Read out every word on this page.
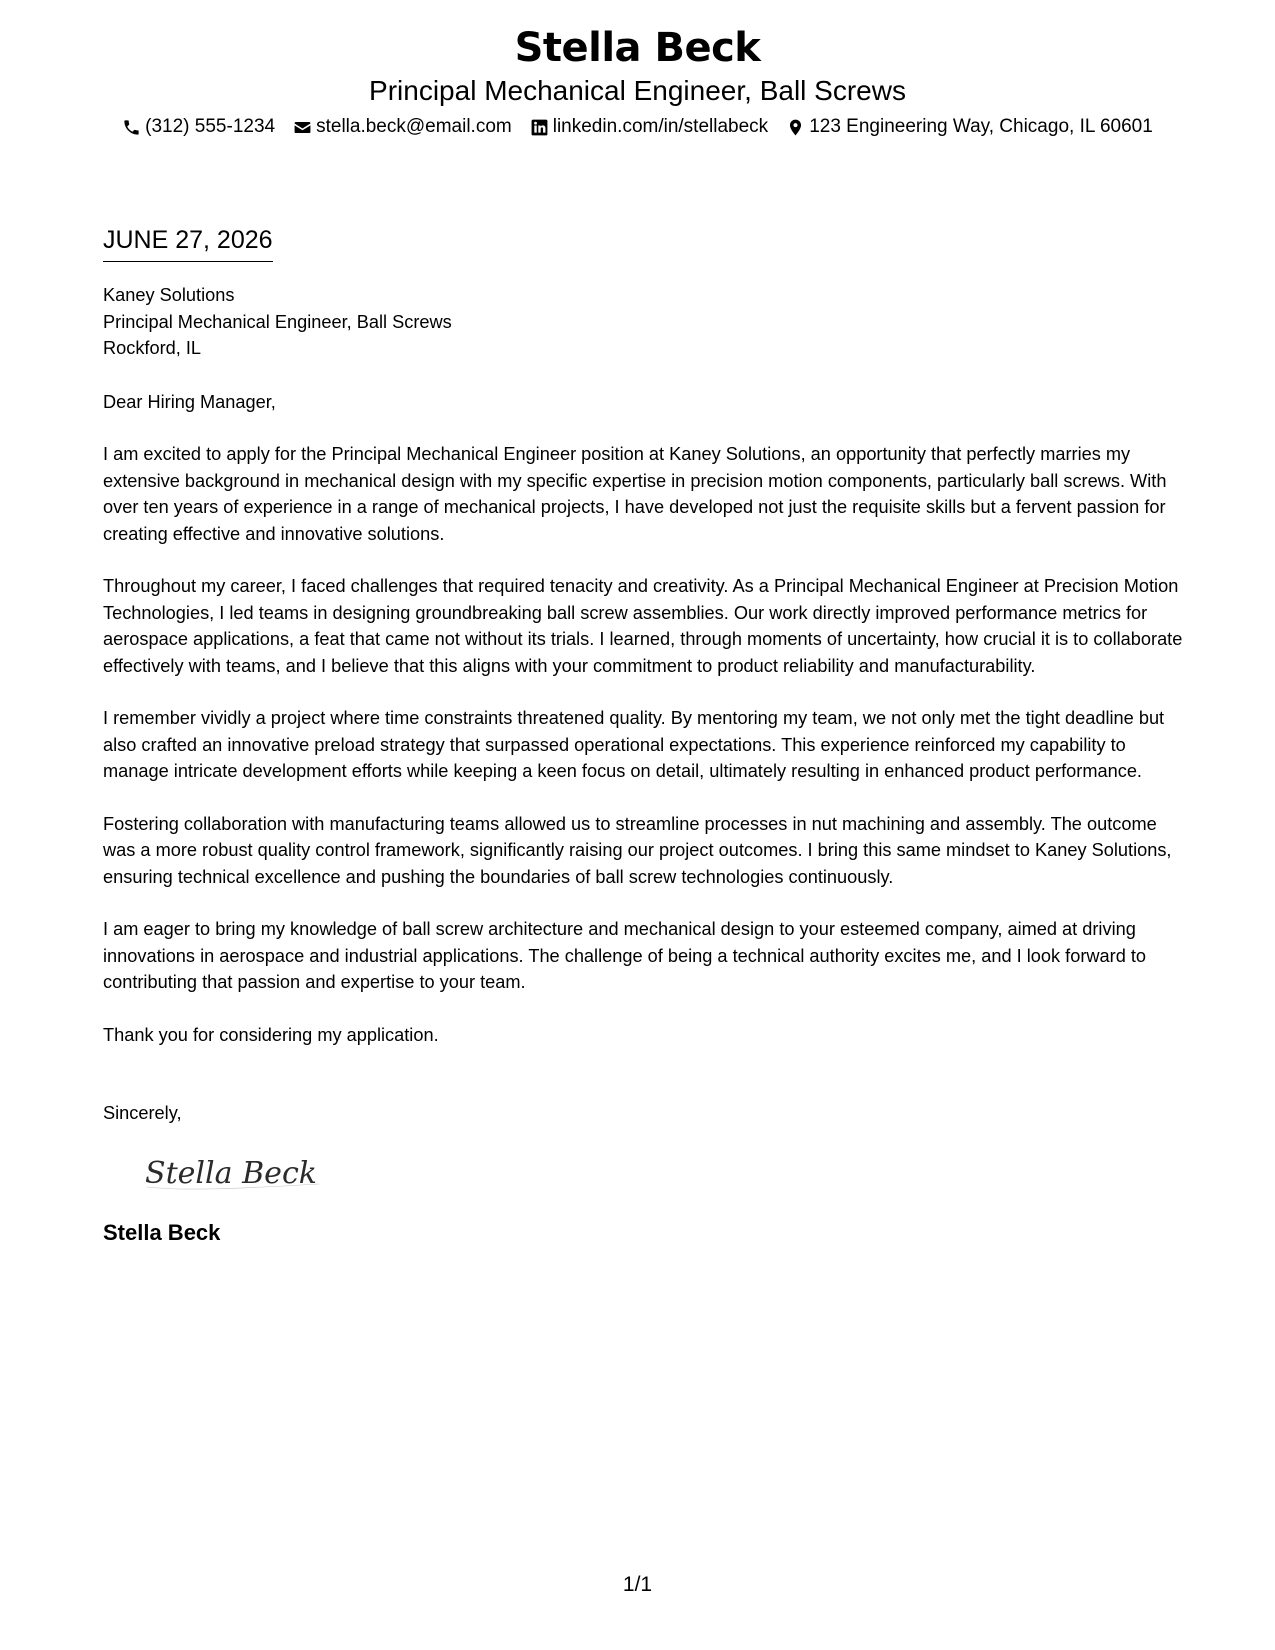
Stella Beck
Principal Mechanical Engineer, Ball Screws
(312) 555-1234 stella.beck@email.com linkedin.com/in/stellabeck 123 Engineering Way, Chicago, IL 60601
JUNE 27, 2026
Kaney Solutions
Principal Mechanical Engineer, Ball Screws
Rockford, IL
Dear Hiring Manager,
I am excited to apply for the Principal Mechanical Engineer position at Kaney Solutions, an opportunity that perfectly marries my extensive background in mechanical design with my specific expertise in precision motion components, particularly ball screws. With over ten years of experience in a range of mechanical projects, I have developed not just the requisite skills but a fervent passion for creating effective and innovative solutions.
Throughout my career, I faced challenges that required tenacity and creativity. As a Principal Mechanical Engineer at Precision Motion Technologies, I led teams in designing groundbreaking ball screw assemblies. Our work directly improved performance metrics for aerospace applications, a feat that came not without its trials. I learned, through moments of uncertainty, how crucial it is to collaborate effectively with teams, and I believe that this aligns with your commitment to product reliability and manufacturability.
I remember vividly a project where time constraints threatened quality. By mentoring my team, we not only met the tight deadline but also crafted an innovative preload strategy that surpassed operational expectations. This experience reinforced my capability to manage intricate development efforts while keeping a keen focus on detail, ultimately resulting in enhanced product performance.
Fostering collaboration with manufacturing teams allowed us to streamline processes in nut machining and assembly. The outcome was a more robust quality control framework, significantly raising our project outcomes. I bring this same mindset to Kaney Solutions, ensuring technical excellence and pushing the boundaries of ball screw technologies continuously.
I am eager to bring my knowledge of ball screw architecture and mechanical design to your esteemed company, aimed at driving innovations in aerospace and industrial applications. The challenge of being a technical authority excites me, and I look forward to contributing that passion and expertise to your team.
Thank you for considering my application.
Sincerely,
Stella Beck
Stella Beck
1/1
